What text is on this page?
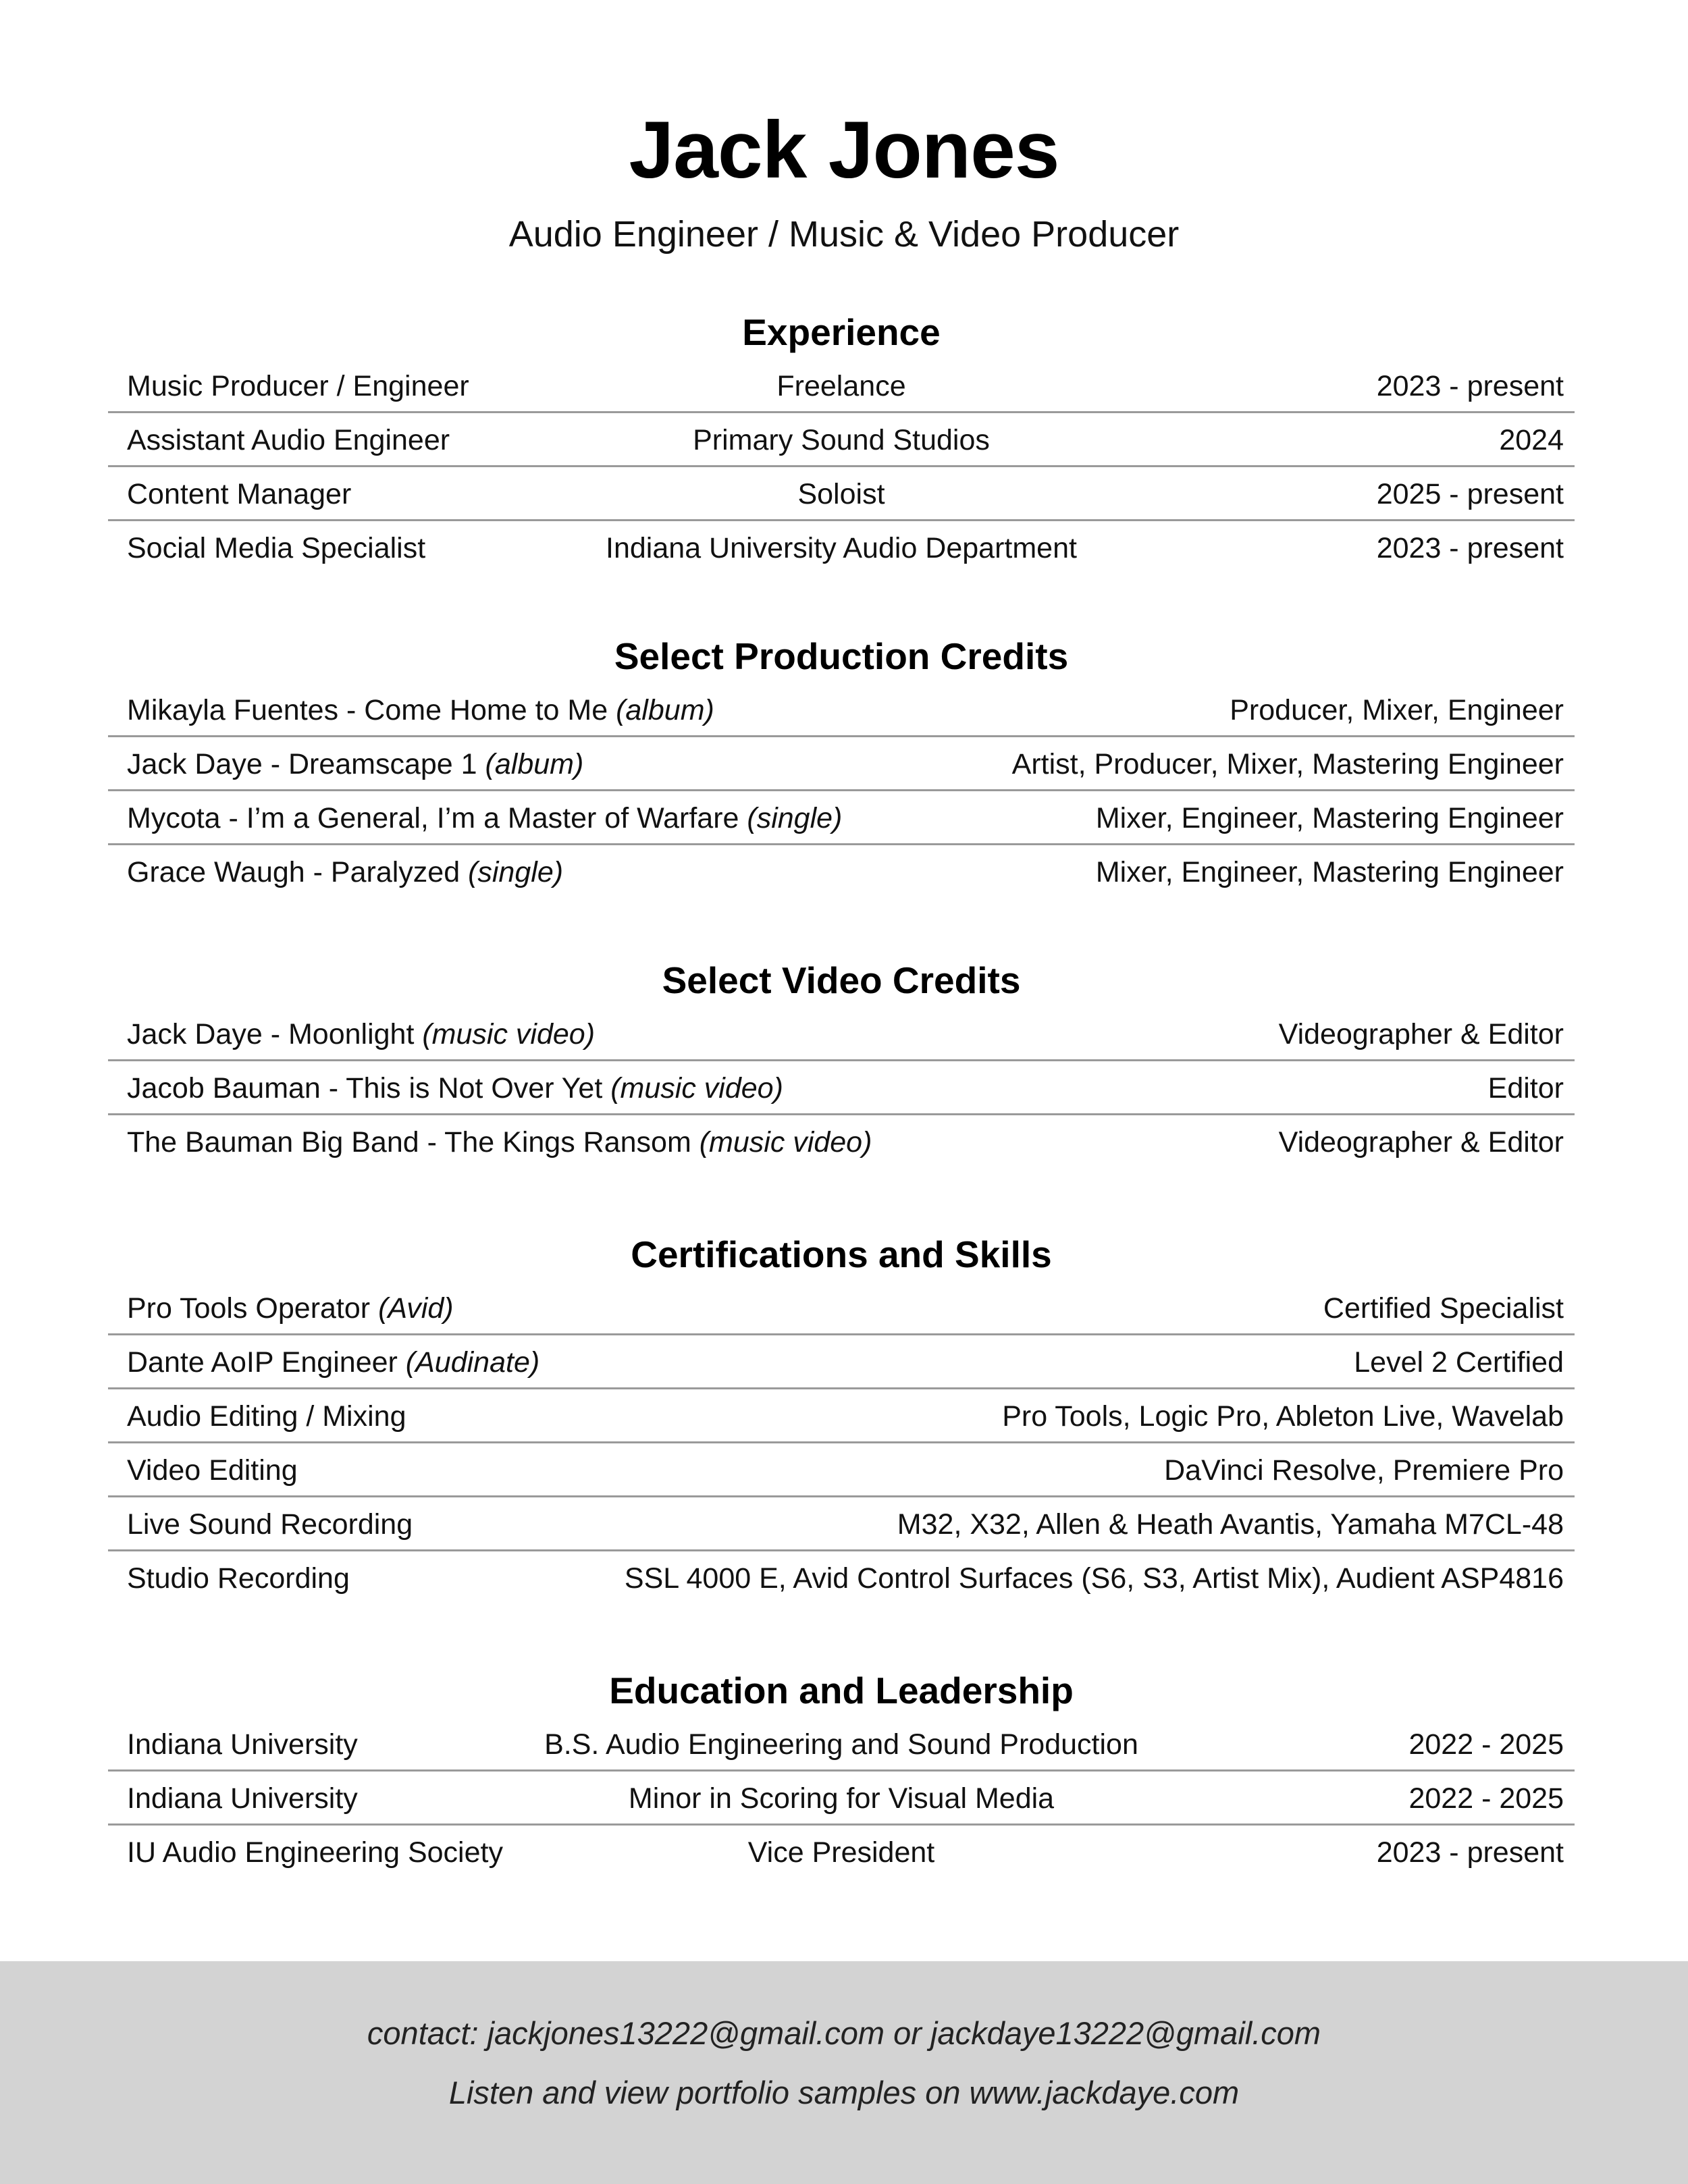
Jack Jones
Audio Engineer / Music & Video Producer
Experience
Music Producer / Engineer	Freelance	2023 - present
Assistant Audio Engineer	Primary Sound Studios	2024
Content Manager	Soloist	2025 - present
Social Media Specialist	Indiana University Audio Department	2023 - present
Select Production Credits
Mikayla Fuentes - Come Home to Me (album)	Producer, Mixer, Engineer
Jack Daye - Dreamscape 1 (album)	Artist, Producer, Mixer, Mastering Engineer
Mycota - I’m a General, I’m a Master of Warfare (single)	Mixer, Engineer, Mastering Engineer
Grace Waugh - Paralyzed (single)	Mixer, Engineer, Mastering Engineer
Select Video Credits
Jack Daye - Moonlight (music video)	Videographer & Editor
Jacob Bauman - This is Not Over Yet (music video)	Editor
The Bauman Big Band - The Kings Ransom (music video)	Videographer & Editor
Certifications and Skills
Pro Tools Operator (Avid)	Certified Specialist
Dante AoIP Engineer (Audinate)	Level 2 Certified
Audio Editing / Mixing	Pro Tools, Logic Pro, Ableton Live, Wavelab
Video Editing	DaVinci Resolve, Premiere Pro
Live Sound Recording	M32, X32, Allen & Heath Avantis, Yamaha M7CL-48
Studio Recording	SSL 4000 E, Avid Control Surfaces (S6, S3, Artist Mix), Audient ASP4816
Education and Leadership
Indiana University	B.S. Audio Engineering and Sound Production	2022 - 2025
Indiana University	Minor in Scoring for Visual Media	2022 - 2025
IU Audio Engineering Society	Vice President	2023 - present
contact: jackjones13222@gmail.com or jackdaye13222@gmail.com
Listen and view portfolio samples on www.jackdaye.com
